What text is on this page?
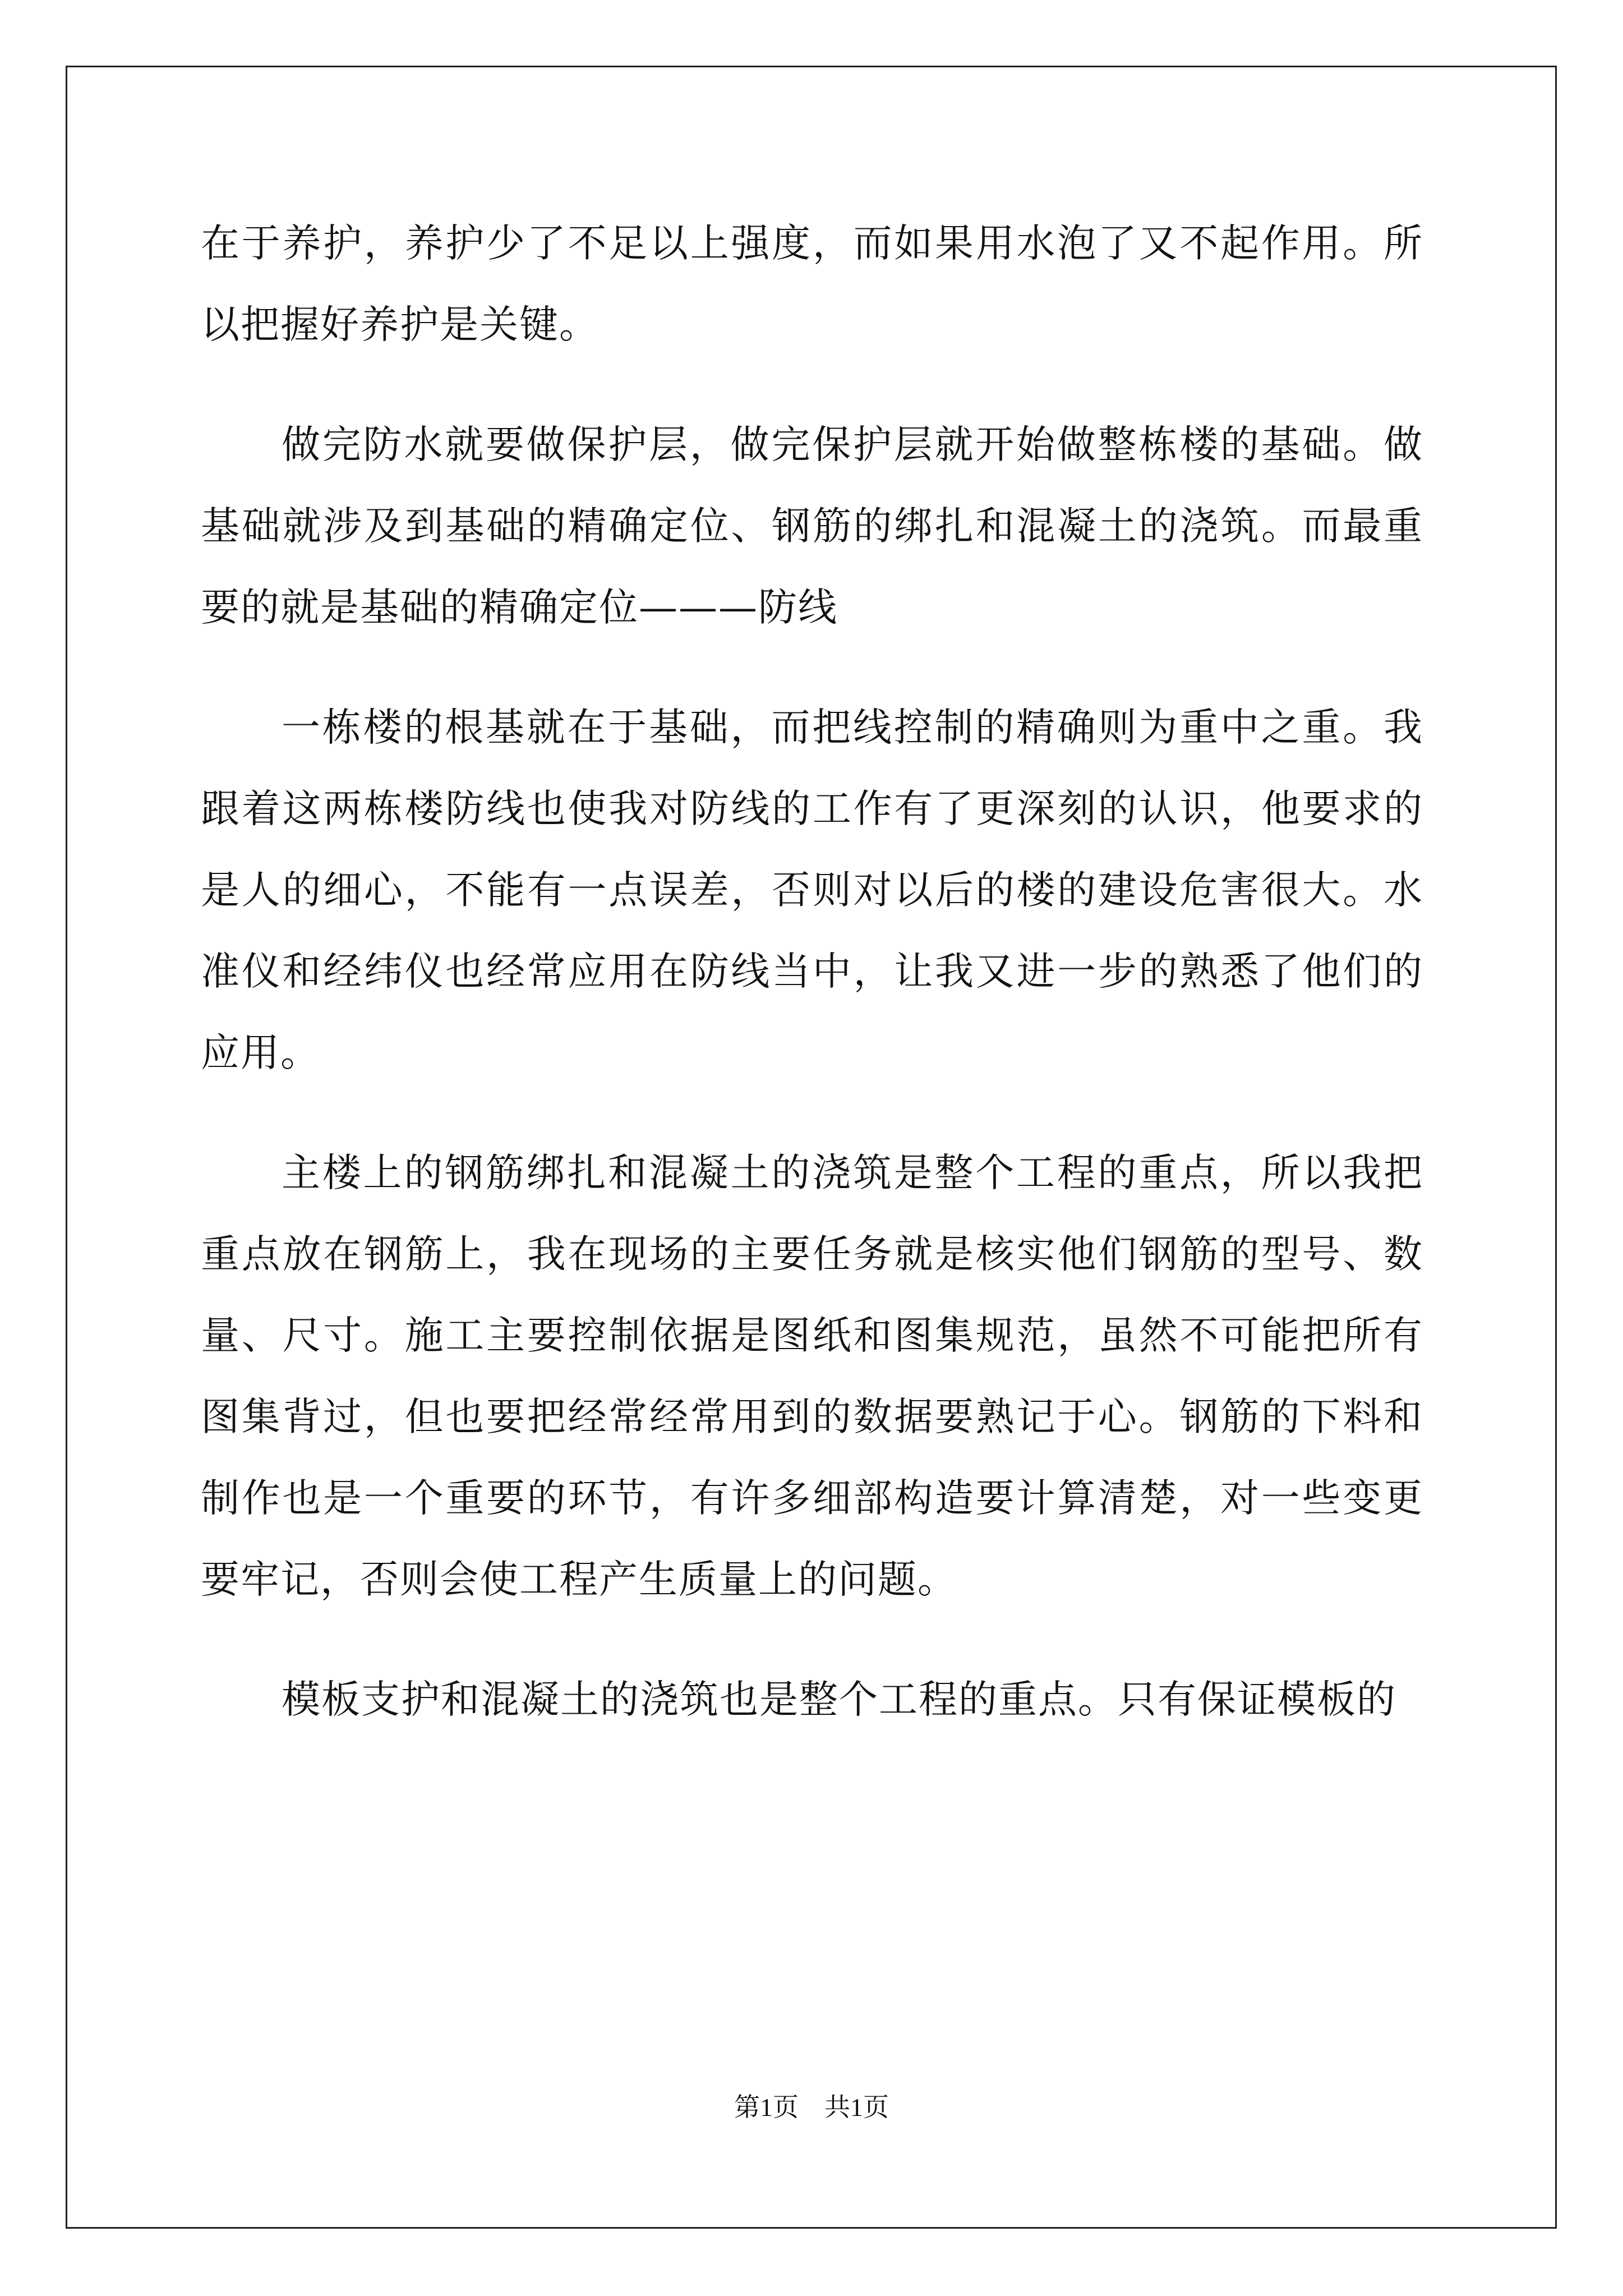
在于养护，养护少了不足以上强度，而如果用水泡了又不起作用。所以把握好养护是关键。

做完防水就要做保护层，做完保护层就开始做整栋楼的基础。做基础就涉及到基础的精确定位、钢筋的绑扎和混凝土的浇筑。而最重要的就是基础的精确定位———防线

一栋楼的根基就在于基础，而把线控制的精确则为重中之重。我跟着这两栋楼防线也使我对防线的工作有了更深刻的认识，他要求的是人的细心，不能有一点误差，否则对以后的楼的建设危害很大。水准仪和经纬仪也经常应用在防线当中，让我又进一步的熟悉了他们的应用。

主楼上的钢筋绑扎和混凝土的浇筑是整个工程的重点，所以我把重点放在钢筋上，我在现场的主要任务就是核实他们钢筋的型号、数量、尺寸。施工主要控制依据是图纸和图集规范，虽然不可能把所有图集背过，但也要把经常经常用到的数据要熟记于心。钢筋的下料和制作也是一个重要的环节，有许多细部构造要计算清楚，对一些变更要牢记，否则会使工程产生质量上的问题。

模板支护和混凝土的浇筑也是整个工程的重点。只有保证模板的

第1页　共1页
